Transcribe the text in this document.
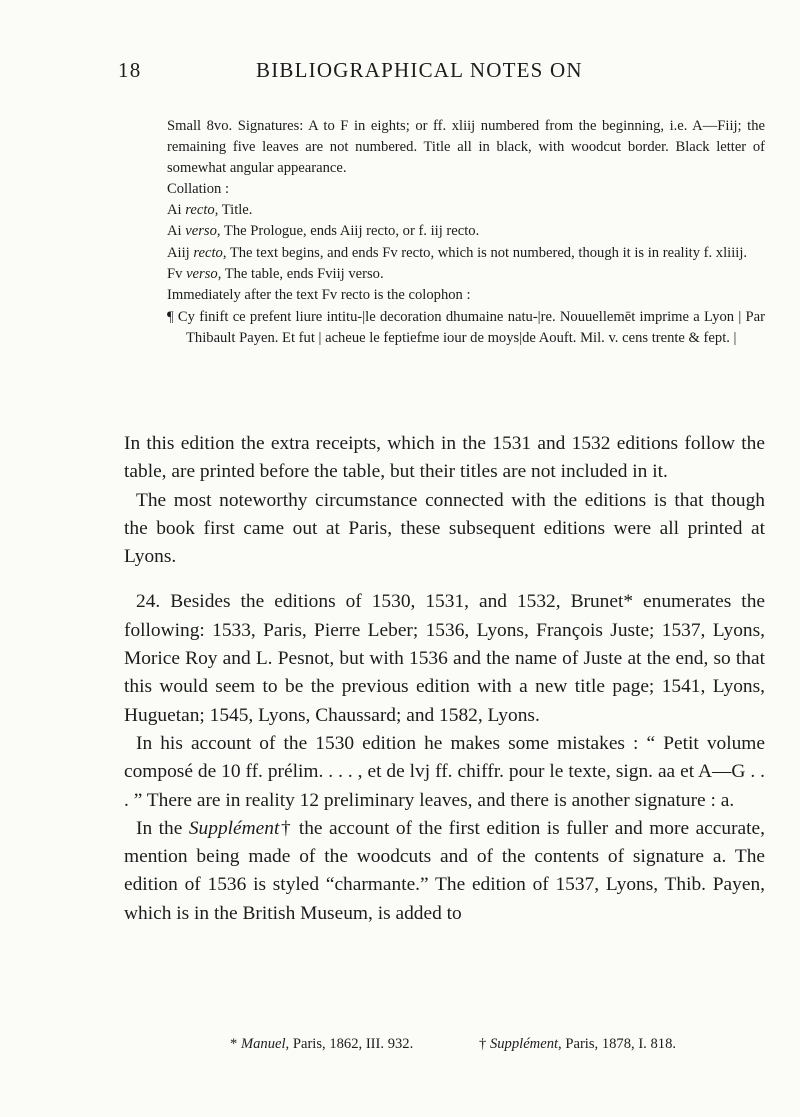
18	BIBLIOGRAPHICAL NOTES ON

Small 8vo. Signatures: A to F in eights; or ff. xliij numbered from the beginning, i.e. A—Fiij; the remaining five leaves are not numbered. Title all in black, with woodcut border. Black letter of somewhat angular appearance.

Collation :

Ai recto, Title.

Ai verso, The Prologue, ends Aiij recto, or f. iij recto.

Aiij recto, The text begins, and ends Fv recto, which is not numbered, though it is in reality f. xliiij.

Fv verso, The table, ends Fviij verso.

Immediately after the text Fv recto is the colophon :

¶ Cy finift ce prefent liure intitu-|le decoration dhumaine natu-|re. Nouuellemēt imprime a Lyon | Par Thibault Payen. Et fut | acheue le feptiefme iour de moys|de Aouft. Mil. v. cens trente & fept. |

In this edition the extra receipts, which in the 1531 and 1532 editions follow the table, are printed before the table, but their titles are not included in it.

The most noteworthy circumstance connected with the editions is that though the book first came out at Paris, these subsequent editions were all printed at Lyons.

24. Besides the editions of 1530, 1531, and 1532, Brunet* enumerates the following: 1533, Paris, Pierre Leber; 1536, Lyons, François Juste; 1537, Lyons, Morice Roy and L. Pesnot, but with 1536 and the name of Juste at the end, so that this would seem to be the previous edition with a new title page; 1541, Lyons, Huguetan; 1545, Lyons, Chaussard; and 1582, Lyons.

In his account of the 1530 edition he makes some mistakes : “ Petit volume composé de 10 ff. prélim. . . . , et de lvj ff. chiffr. pour le texte, sign. aa et A—G . . . ” There are in reality 12 preliminary leaves, and there is another signature : a.

In the Supplément† the account of the first edition is fuller and more accurate, mention being made of the woodcuts and of the contents of signature a. The edition of 1536 is styled “charmante.” The edition of 1537, Lyons, Thib. Payen, which is in the British Museum, is added to

* Manuel, Paris, 1862, III. 932.	† Supplément, Paris, 1878, I. 818.
